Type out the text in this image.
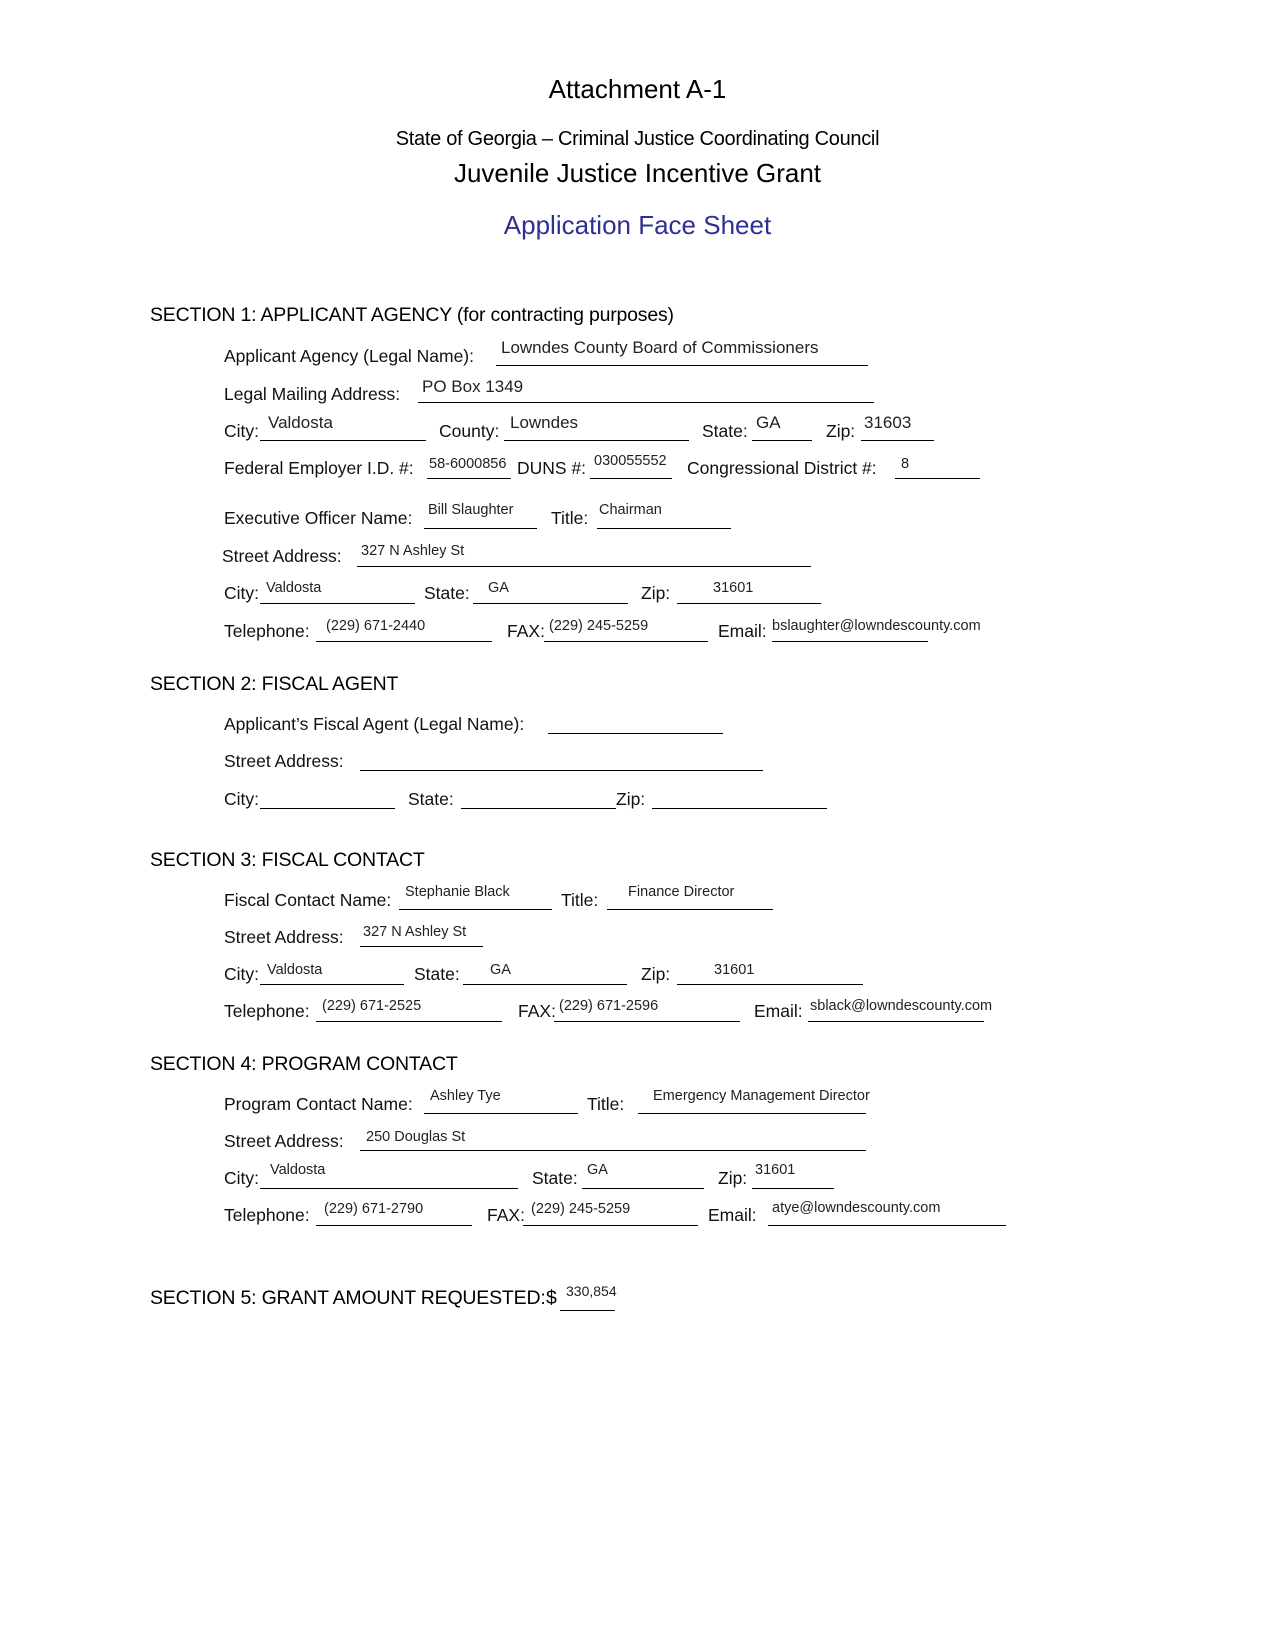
Attachment A-1
State of Georgia – Criminal Justice Coordinating Council
Juvenile Justice Incentive Grant
Application Face Sheet
SECTION 1: APPLICANT AGENCY (for contracting purposes)
Applicant Agency (Legal Name): Lowndes County Board of Commissioners
Legal Mailing Address: PO Box 1349
City: Valdosta	County: Lowndes	State: GA	Zip: 31603
Federal Employer I.D. #: 58-6000856 DUNS #: 030055552 Congressional District #: 8
Executive Officer Name: Bill Slaughter Title: Chairman
Street Address: 327 N Ashley St
City: Valdosta	State: GA	Zip:	31601
Telephone: (229) 671-2440	FAX: (229) 245-5259	Email: bslaughter@lowndescounty.com
SECTION 2: FISCAL AGENT
Applicant’s Fiscal Agent (Legal Name):
Street Address:
City:	State:	Zip:
SECTION 3: FISCAL CONTACT
Fiscal Contact Name: Stephanie Black	Title: Finance Director
Street Address: 327 N Ashley St
City: Valdosta	State: GA	Zip:	31601
Telephone: (229) 671-2525	FAX: (229) 671-2596	Email: sblack@lowndescounty.com
SECTION 4: PROGRAM CONTACT
Program Contact Name: Ashley Tye	Title: Emergency Management Director
Street Address: 250 Douglas St
City: Valdosta	State: GA	Zip: 31601
Telephone: (229) 671-2790	FAX: (229) 245-5259	Email: atye@lowndescounty.com
SECTION 5: GRANT AMOUNT REQUESTED: $ 330,854
